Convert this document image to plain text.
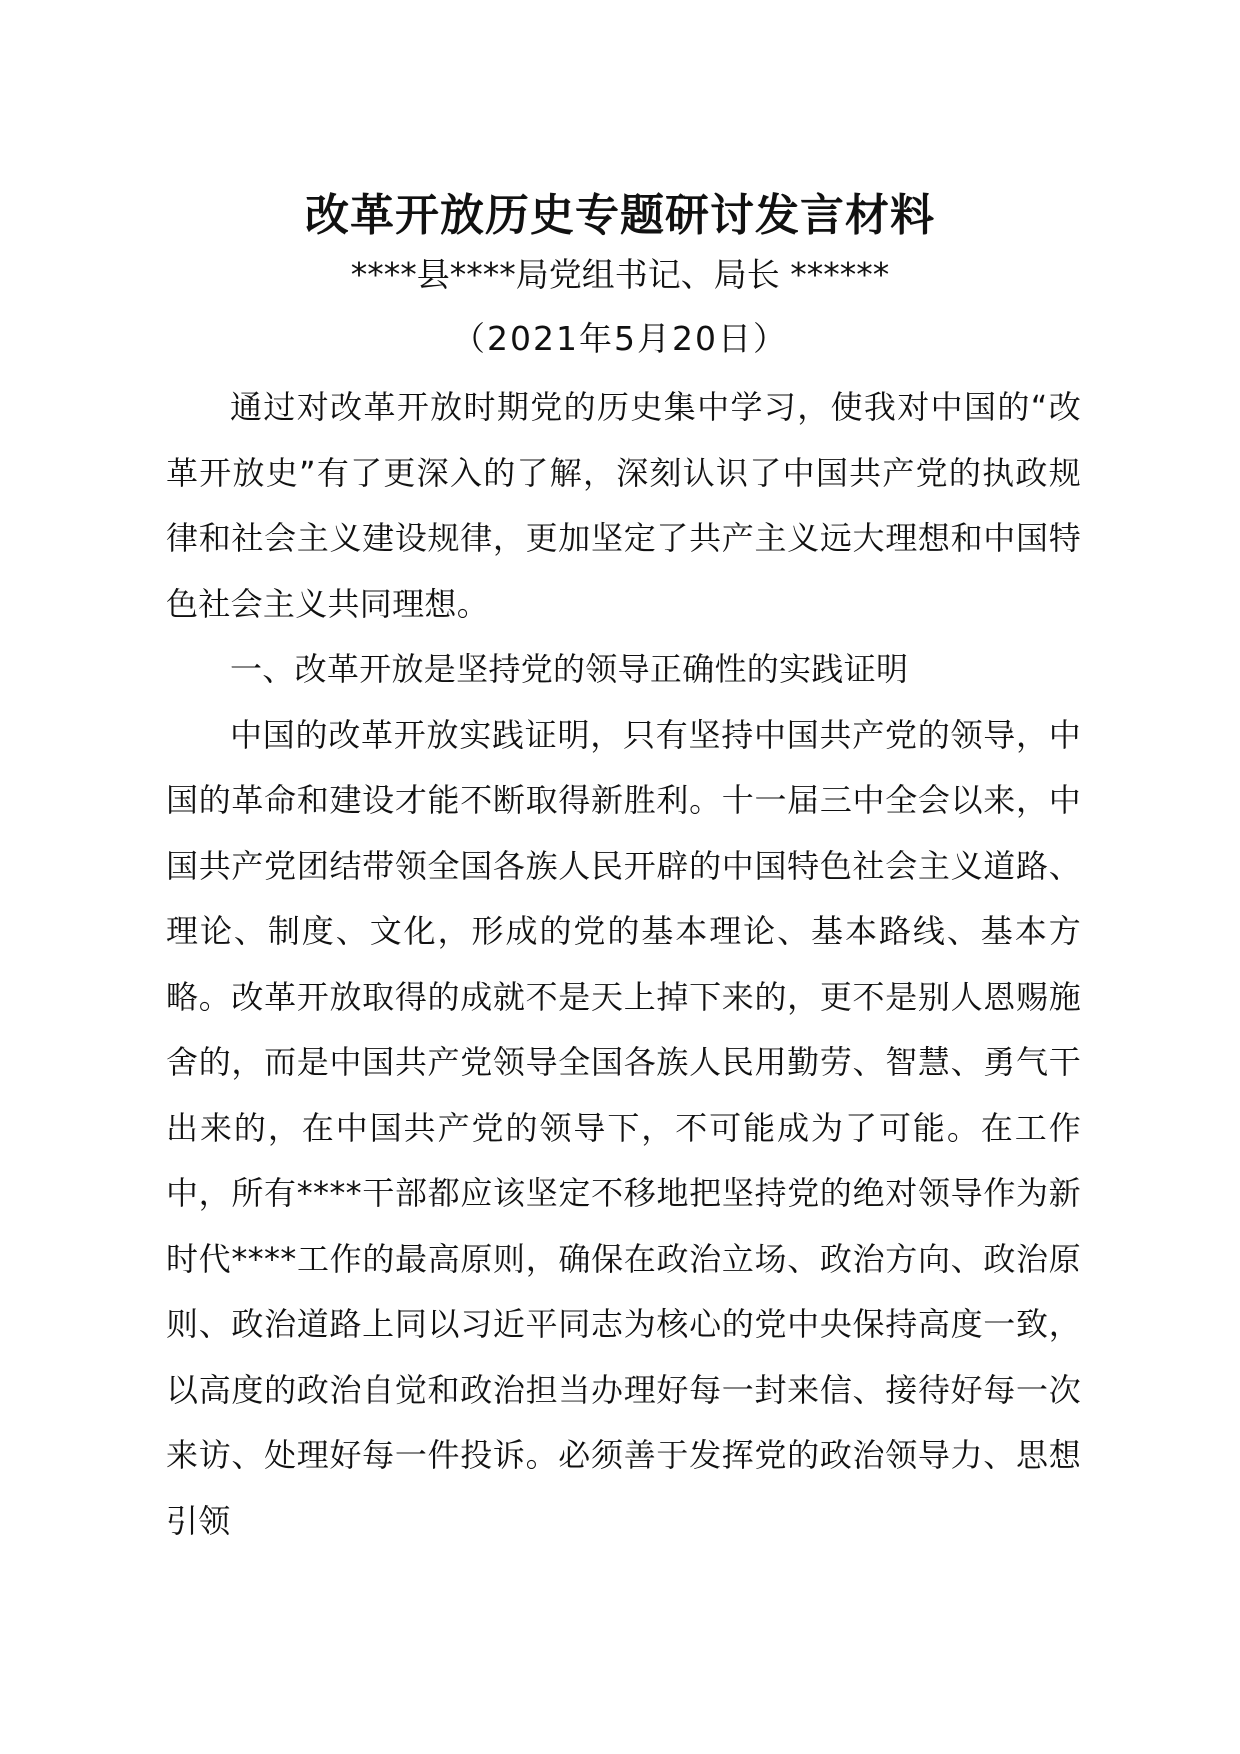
改革开放历史专题研讨发言材料
****县****局党组书记、局长 ******
（2021年5月20日）

通过对改革开放时期党的历史集中学习，使我对中国的“改革开放史”有了更深入的了解，深刻认识了中国共产党的执政规律和社会主义建设规律，更加坚定了共产主义远大理想和中国特色社会主义共同理想。

一、改革开放是坚持党的领导正确性的实践证明

中国的改革开放实践证明，只有坚持中国共产党的领导，中国的革命和建设才能不断取得新胜利。十一届三中全会以来，中国共产党团结带领全国各族人民开辟的中国特色社会主义道路、理论、制度、文化，形成的党的基本理论、基本路线、基本方略。改革开放取得的成就不是天上掉下来的，更不是别人恩赐施舍的，而是中国共产党领导全国各族人民用勤劳、智慧、勇气干出来的，在中国共产党的领导下，不可能成为了可能。在工作中，所有****干部都应该坚定不移地把坚持党的绝对领导作为新时代****工作的最高原则，确保在政治立场、政治方向、政治原则、政治道路上同以习近平同志为核心的党中央保持高度一致，以高度的政治自觉和政治担当办理好每一封来信、接待好每一次来访、处理好每一件投诉。必须善于发挥党的政治领导力、思想引领
